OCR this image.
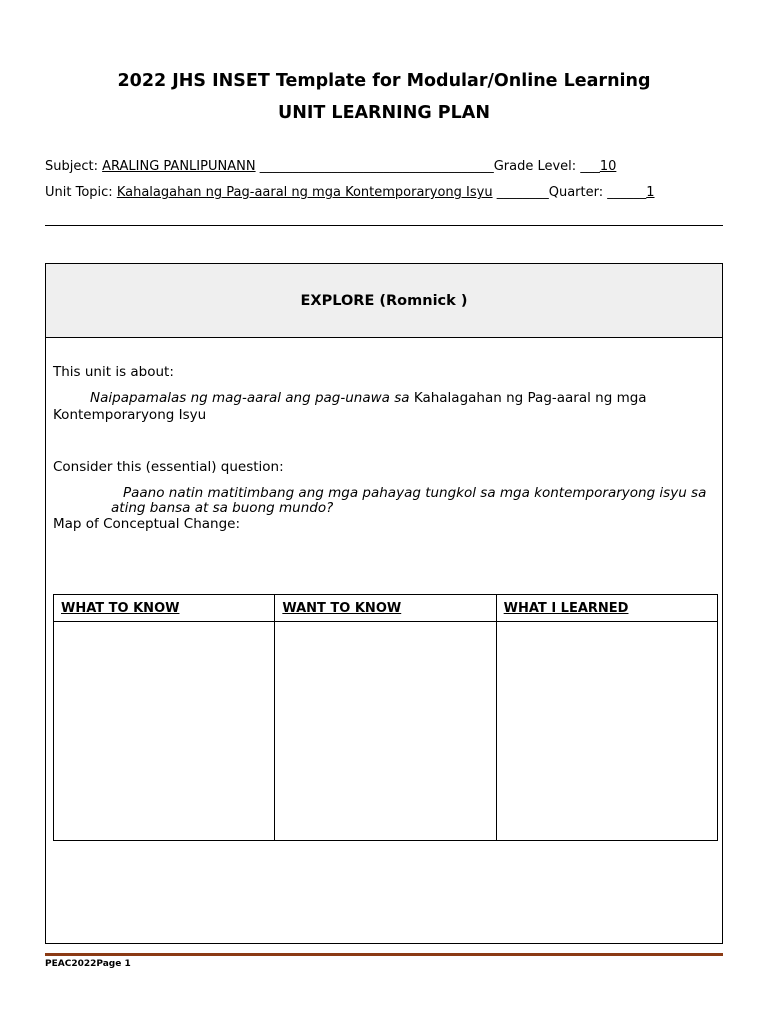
2022 JHS INSET Template for Modular/Online Learning
UNIT LEARNING PLAN
Subject: ARALING PANLIPUNANN ____________________________________Grade Level: ___10
Unit Topic: Kahalagahan ng Pag-aaral ng mga Kontemporaryong Isyu ________Quarter: ______1
EXPLORE (Romnick )
This unit is about:
Naipapamalas ng mag-aaral ang pag-unawa sa Kahalagahan ng Pag-aaral ng mga
Kontemporaryong Isyu
Consider this (essential) question:
Paano natin matitimbang ang mga pahayag tungkol sa mga kontemporaryong isyu sa
ating bansa at sa buong mundo?
Map of Conceptual Change:
WHAT TO KNOW	WANT TO KNOW	WHAT I LEARNED

PEAC2022Page 1
